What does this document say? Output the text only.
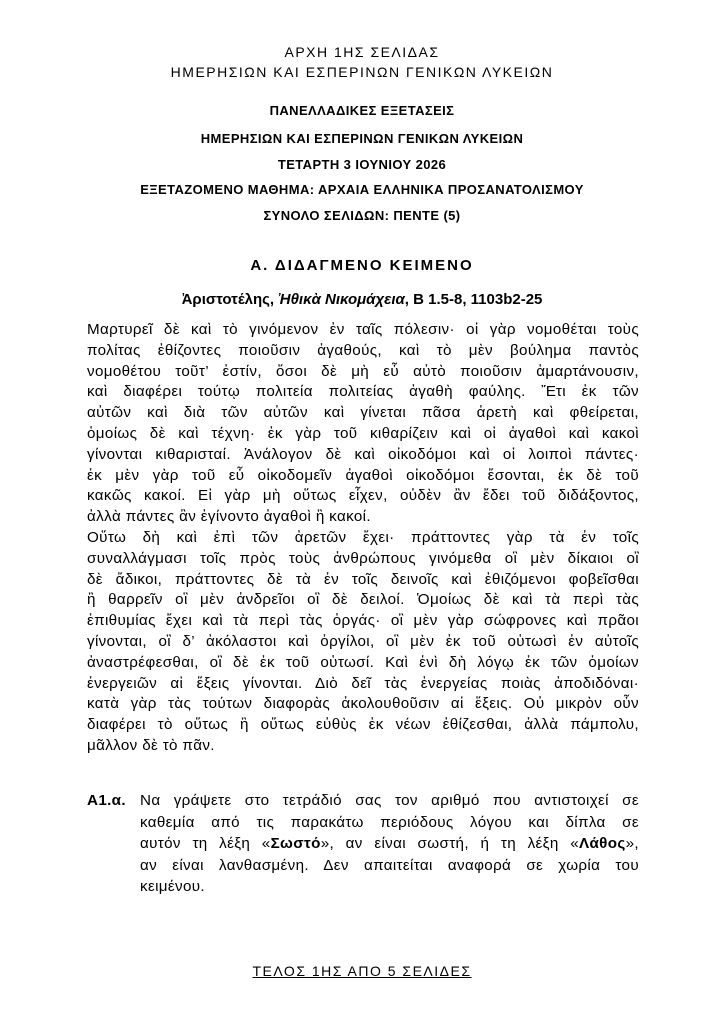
ΑΡΧΗ 1ΗΣ ΣΕΛΙΔΑΣ
ΗΜΕΡΗΣΙΩΝ ΚΑΙ ΕΣΠΕΡΙΝΩΝ ΓΕΝΙΚΩΝ ΛΥΚΕΙΩΝ
ΠΑΝΕΛΛΑΔΙΚΕΣ ΕΞΕΤΑΣΕΙΣ
ΗΜΕΡΗΣΙΩΝ ΚΑΙ ΕΣΠΕΡΙΝΩΝ ΓΕΝΙΚΩΝ ΛΥΚΕΙΩΝ
ΤΕΤΑΡΤΗ 3 ΙΟΥΝΙΟΥ 2026
ΕΞΕΤΑΖΟΜΕΝΟ ΜΑΘΗΜΑ: ΑΡΧΑΙΑ ΕΛΛΗΝΙΚΑ ΠΡΟΣΑΝΑΤΟΛΙΣΜΟΥ
ΣΥΝΟΛΟ ΣΕΛΙΔΩΝ: ΠΕΝΤΕ (5)
Α. ΔΙΔΑΓΜΕΝΟ ΚΕΙΜΕΝΟ
Ἀριστοτέλης, Ἠθικὰ Νικομάχεια, Β 1.5-8, 1103b2-25
Μαρτυρεῖ δὲ καὶ τὸ γινόμενον ἐν ταῖς πόλεσιν· οἱ γὰρ νομοθέται τοὺς
πολίτας ἐθίζοντες ποιοῦσιν ἀγαθούς, καὶ τὸ μὲν βούλημα παντὸς
νομοθέτου τοῦτ’ ἐστίν, ὅσοι δὲ μὴ εὖ αὐτὸ ποιοῦσιν ἁμαρτάνουσιν,
καὶ διαφέρει τούτῳ πολιτεία πολιτείας ἀγαθὴ φαύλης. Ἔτι ἐκ τῶν
αὐτῶν καὶ διὰ τῶν αὐτῶν καὶ γίνεται πᾶσα ἀρετὴ καὶ φθείρεται,
ὁμοίως δὲ καὶ τέχνη· ἐκ γὰρ τοῦ κιθαρίζειν καὶ οἱ ἀγαθοὶ καὶ κακοὶ
γίνονται κιθαρισταί. Ἀνάλογον δὲ καὶ οἰκοδόμοι καὶ οἱ λοιποὶ πάντες·
ἐκ μὲν γὰρ τοῦ εὖ οἰκοδομεῖν ἀγαθοὶ οἰκοδόμοι ἔσονται, ἐκ δὲ τοῦ
κακῶς κακοί. Εἰ γὰρ μὴ οὕτως εἶχεν, οὐδὲν ἂν ἔδει τοῦ διδάξοντος,
ἀλλὰ πάντες ἂν ἐγίνοντο ἀγαθοὶ ἢ κακοί.
Οὕτω δὴ καὶ ἐπὶ τῶν ἀρετῶν ἔχει· πράττοντες γὰρ τὰ ἐν τοῖς
συναλλάγμασι τοῖς πρὸς τοὺς ἀνθρώπους γινόμεθα οἳ μὲν δίκαιοι οἳ
δὲ ἄδικοι, πράττοντες δὲ τὰ ἐν τοῖς δεινοῖς καὶ ἐθιζόμενοι φοβεῖσθαι
ἢ θαρρεῖν οἳ μὲν ἀνδρεῖοι οἳ δὲ δειλοί. Ὁμοίως δὲ καὶ τὰ περὶ τὰς
ἐπιθυμίας ἔχει καὶ τὰ περὶ τὰς ὀργάς· οἳ μὲν γὰρ σώφρονες καὶ πρᾶοι
γίνονται, οἳ δ’ ἀκόλαστοι καὶ ὀργίλοι, οἳ μὲν ἐκ τοῦ οὑτωσὶ ἐν αὐτοῖς
ἀναστρέφεσθαι, οἳ δὲ ἐκ τοῦ οὑτωσί. Καὶ ἑνὶ δὴ λόγῳ ἐκ τῶν ὁμοίων
ἐνεργειῶν αἱ ἕξεις γίνονται. Διὸ δεῖ τὰς ἐνεργείας ποιὰς ἀποδιδόναι·
κατὰ γὰρ τὰς τούτων διαφορὰς ἀκολουθοῦσιν αἱ ἕξεις. Οὐ μικρὸν οὖν
διαφέρει τὸ οὕτως ἢ οὕτως εὐθὺς ἐκ νέων ἐθίζεσθαι, ἀλλὰ πάμπολυ,
μᾶλλον δὲ τὸ πᾶν.
Α1.α. Να γράψετε στο τετράδιό σας τον αριθμό που αντιστοιχεί σε
καθεμία από τις παρακάτω περιόδους λόγου και δίπλα σε
αυτόν τη λέξη «Σωστό», αν είναι σωστή, ή τη λέξη «Λάθος»,
αν είναι λανθασμένη. Δεν απαιτείται αναφορά σε χωρία του
κειμένου.
ΤΕΛΟΣ 1ΗΣ ΑΠΟ 5 ΣΕΛΙΔΕΣ
